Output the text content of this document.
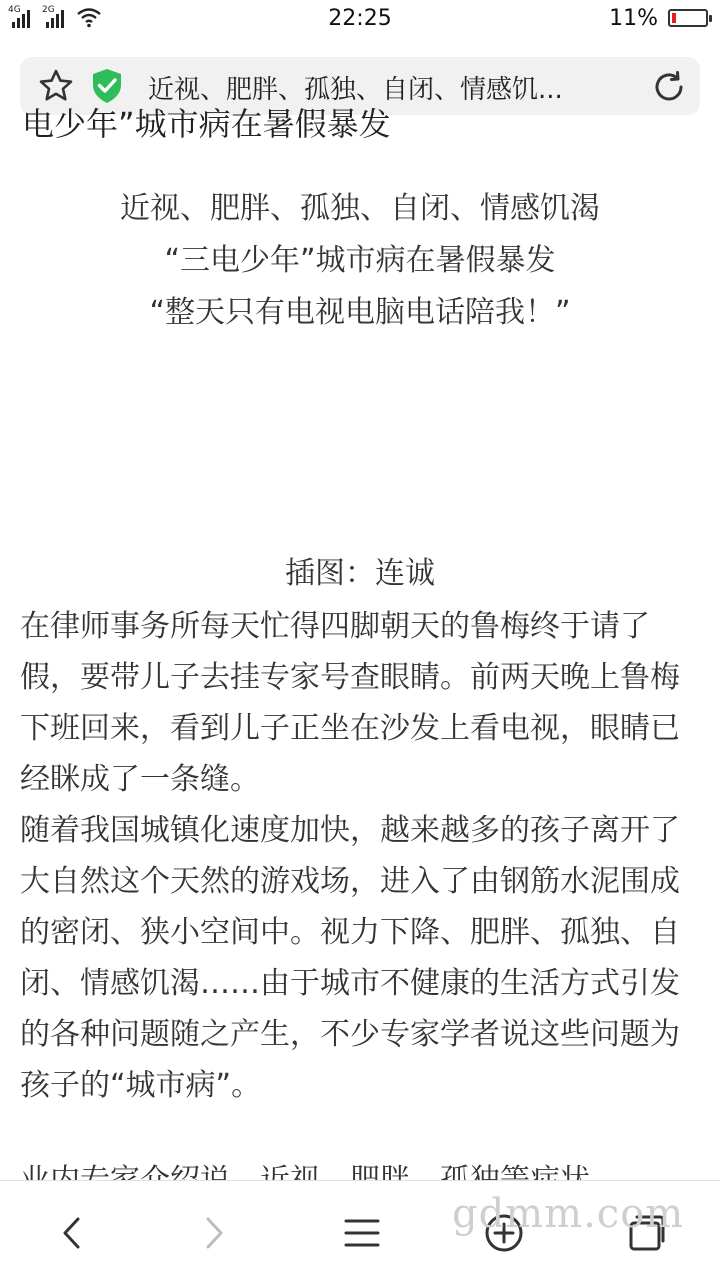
4G 2G	22:25	11%
近视、肥胖、孤独、自闭、情感饥...
电少年”城市病在暑假暴发
近视、肥胖、孤独、自闭、情感饥渴
“三电少年”城市病在暑假暴发
“整天只有电视电脑电话陪我！”
插图：连诚
在律师事务所每天忙得四脚朝天的鲁梅终于请了假，要带儿子去挂专家号查眼睛。前两天晚上鲁梅下班回来，看到儿子正坐在沙发上看电视，眼睛已经眯成了一条缝。
随着我国城镇化速度加快，越来越多的孩子离开了大自然这个天然的游戏场，进入了由钢筋水泥围成的密闭、狭小空间中。视力下降、肥胖、孤独、自闭、情感饥渴……由于城市不健康的生活方式引发的各种问题随之产生，不少专家学者说这些问题为孩子的“城市病”。
gdmm.com
